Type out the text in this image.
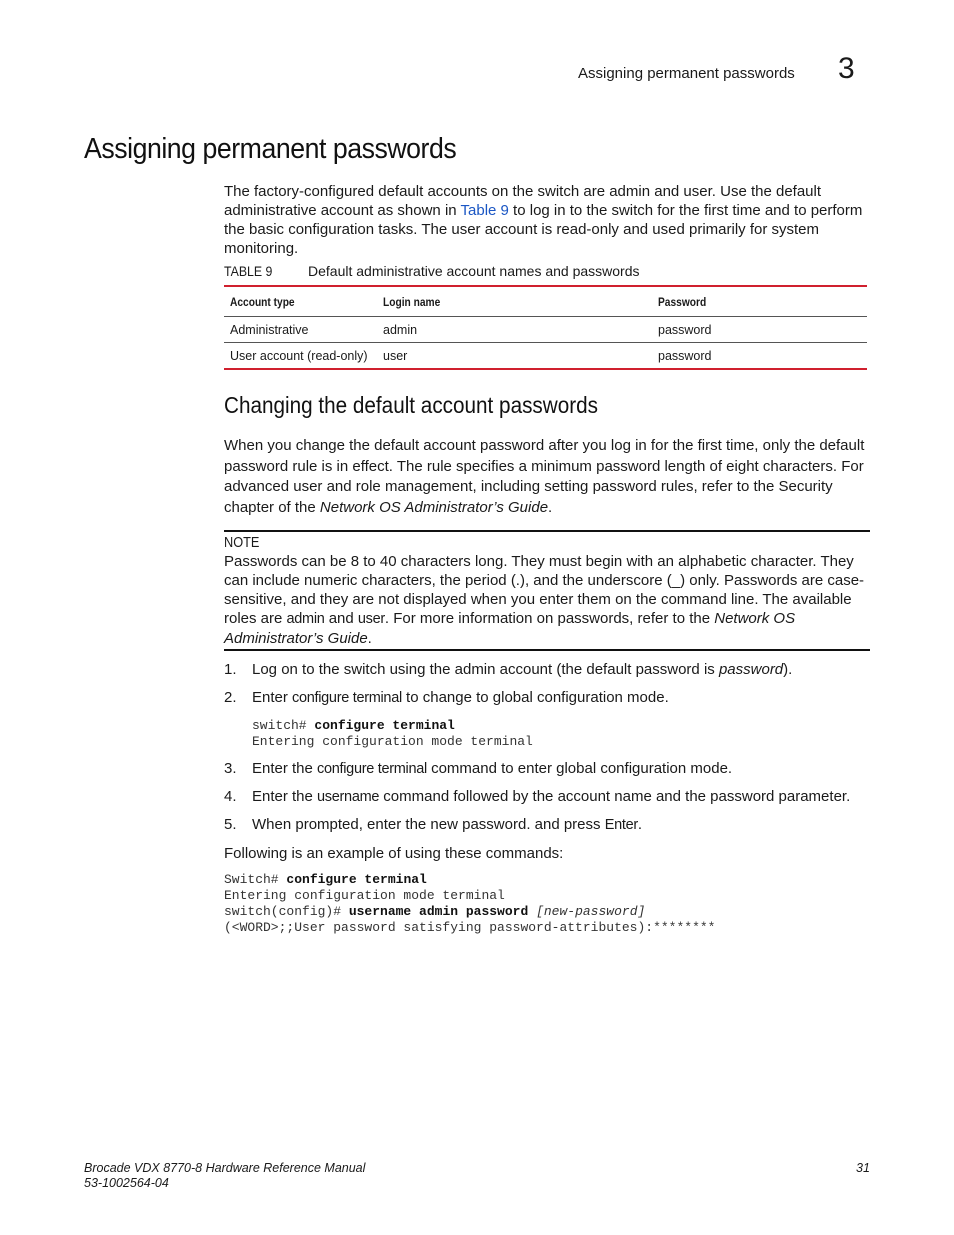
Assigning permanent passwords 3
Assigning permanent passwords
The factory-configured default accounts on the switch are admin and user. Use the default administrative account as shown in Table 9 to log in to the switch for the first time and to perform the basic configuration tasks. The user account is read-only and used primarily for system monitoring.
TABLE 9	Default administrative account names and passwords
Account type	Login name	Password
Administrative	admin	password
User account (read-only)	user	password
Changing the default account passwords
When you change the default account password after you log in for the first time, only the default password rule is in effect. The rule specifies a minimum password length of eight characters. For advanced user and role management, including setting password rules, refer to the Security chapter of the Network OS Administrator’s Guide.
NOTE
Passwords can be 8 to 40 characters long. They must begin with an alphabetic character. They can include numeric characters, the period (.), and the underscore (_) only. Passwords are case-sensitive, and they are not displayed when you enter them on the command line. The available roles are admin and user. For more information on passwords, refer to the Network OS Administrator’s Guide.
1. Log on to the switch using the admin account (the default password is password).
2. Enter configure terminal to change to global configuration mode.
switch# configure terminal
Entering configuration mode terminal
3. Enter the configure terminal command to enter global configuration mode.
4. Enter the username command followed by the account name and the password parameter.
5. When prompted, enter the new password. and press Enter.
Following is an example of using these commands:
Switch# configure terminal
Entering configuration mode terminal
switch(config)# username admin password [new-password]
(<WORD>;;User password satisfying password-attributes):********
Brocade VDX 8770-8 Hardware Reference Manual
53-1002564-04
31
